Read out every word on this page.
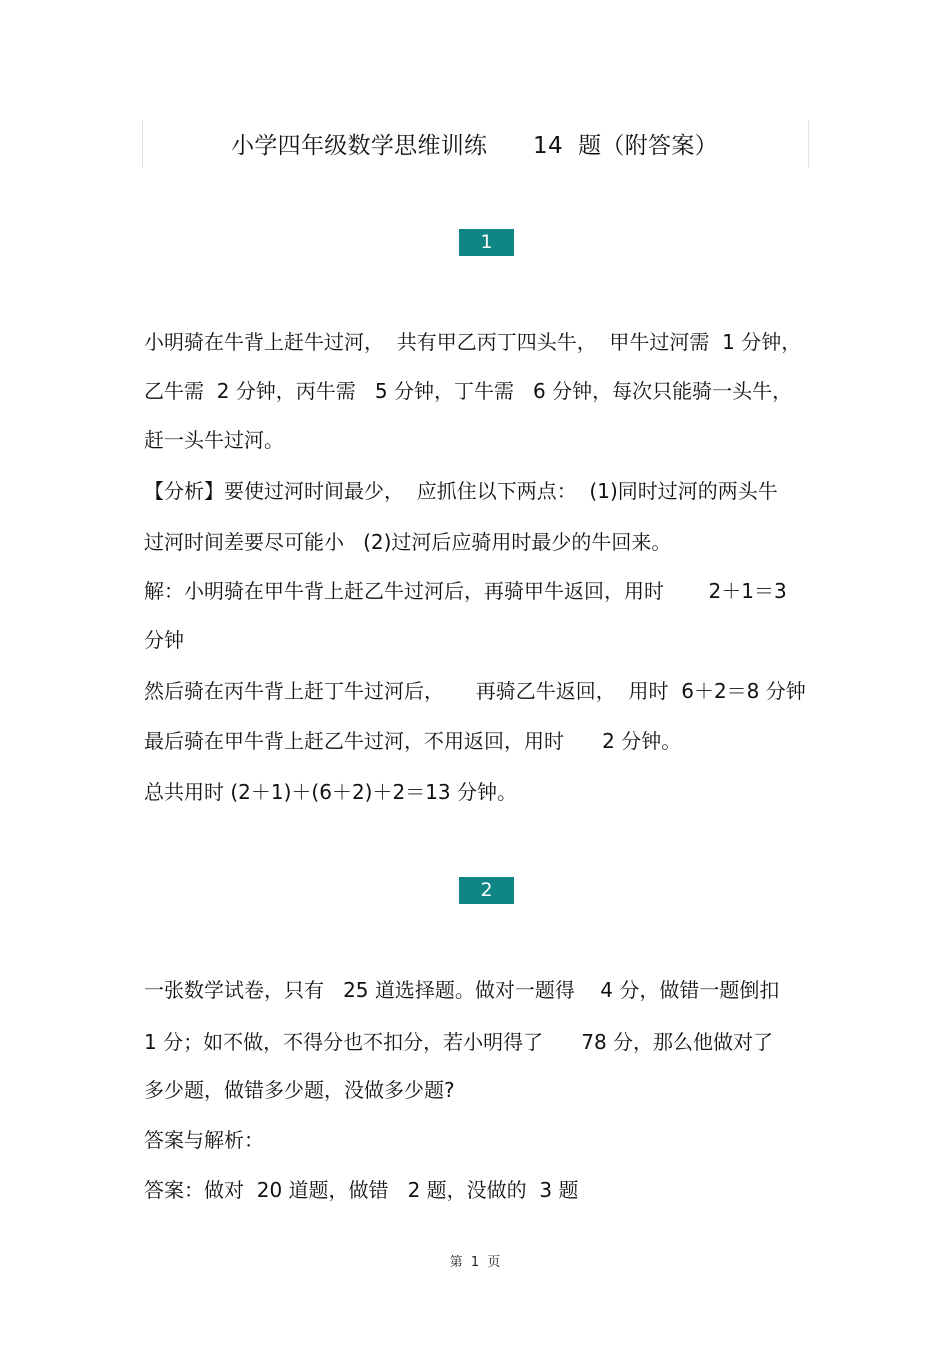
小学四年级数学思维训练      14  题（附答案）
1
小明骑在牛背上赶牛过河，  共有甲乙丙丁四头牛，  甲牛过河需  1 分钟，
乙牛需  2 分钟，丙牛需   5 分钟，丁牛需   6 分钟，每次只能骑一头牛，
赶一头牛过河。
【分析】要使过河时间最少，  应抓住以下两点：  (1)同时过河的两头牛
过河时间差要尽可能小   (2)过河后应骑用时最少的牛回来。
解：小明骑在甲牛背上赶乙牛过河后，再骑甲牛返回，用时       2＋1＝3
分钟
然后骑在丙牛背上赶丁牛过河后，     再骑乙牛返回，  用时  6＋2＝8 分钟
最后骑在甲牛背上赶乙牛过河，不用返回，用时      2 分钟。
总共用时 (2＋1)＋(6＋2)＋2＝13 分钟。
2
一张数学试卷，只有   25 道选择题。做对一题得    4 分，做错一题倒扣
1 分；如不做，不得分也不扣分，若小明得了      78 分，那么他做对了
多少题，做错多少题，没做多少题?
答案与解析：
答案：做对  20 道题，做错   2 题，没做的  3 题
第  1  页
